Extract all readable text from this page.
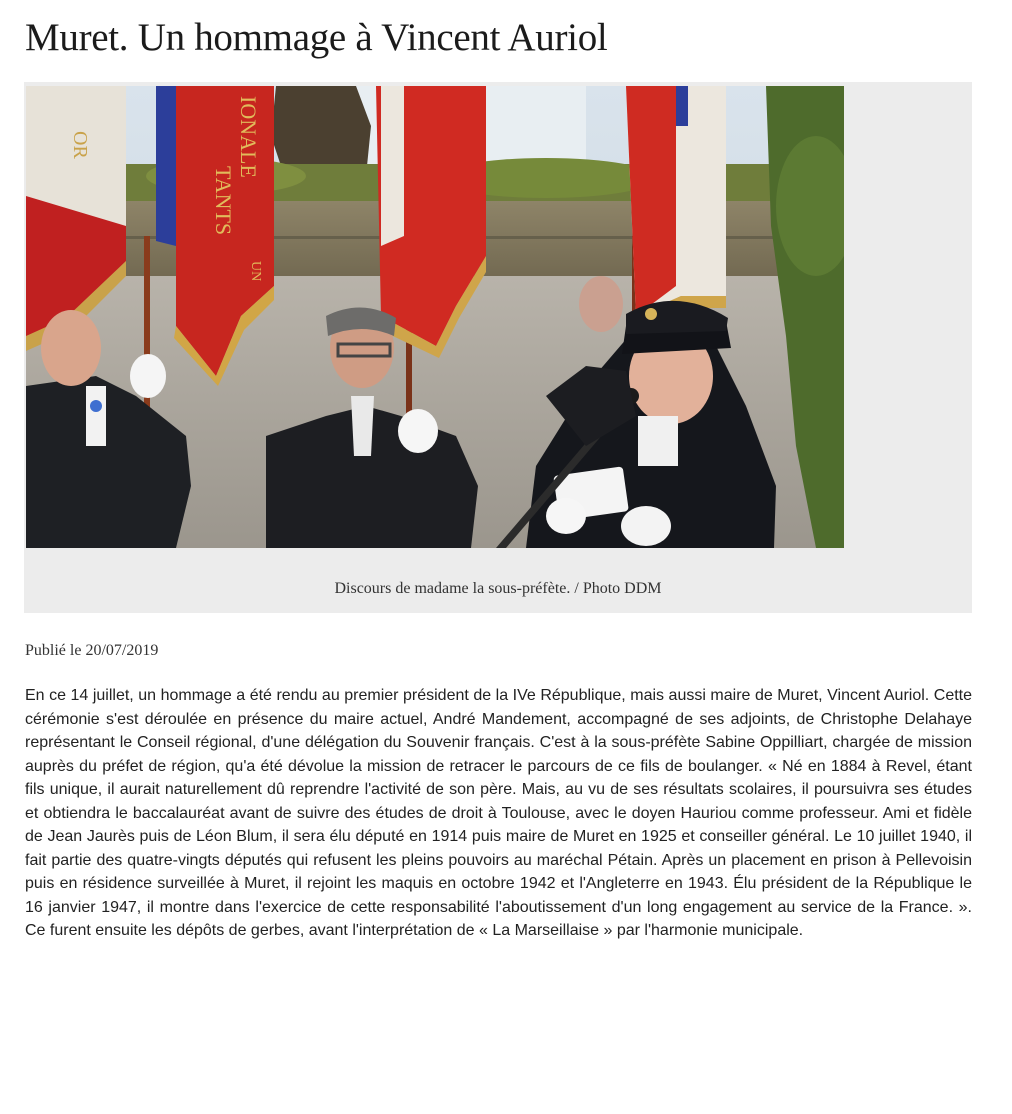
Muret. Un hommage à Vincent Auriol
OR	IONALE
TANTS
UN
Discours de madame la sous-préfète. / Photo DDM
Publié le 20/07/2019

En ce 14 juillet, un hommage a été rendu au premier président de la IVe République, mais aussi maire de Muret, Vincent Auriol. Cette cérémonie s'est déroulée en présence du maire actuel, André Mandement, accompagné de ses adjoints, de Christophe Delahaye représentant le Conseil régional, d'une délégation du Souvenir français. C'est à la sous-préfète Sabine Oppilliart, chargée de mission auprès du préfet de région, qu'a été dévolue la mission de retracer le parcours de ce fils de boulanger. « Né en 1884 à Revel, étant fils unique, il aurait naturellement dû reprendre l'activité de son père. Mais, au vu de ses résultats scolaires, il poursuivra ses études et obtiendra le baccalauréat avant de suivre des études de droit à Toulouse, avec le doyen Hauriou comme professeur. Ami et fidèle de Jean Jaurès puis de Léon Blum, il sera élu député en 1914 puis maire de Muret en 1925 et conseiller général. Le 10 juillet 1940, il fait partie des quatre-vingts députés qui refusent les pleins pouvoirs au maréchal Pétain. Après un placement en prison à Pellevoisin puis en résidence surveillée à Muret, il rejoint les maquis en octobre 1942 et l'Angleterre en 1943. Élu président de la République le 16 janvier 1947, il montre dans l'exercice de cette responsabilité l'aboutissement d'un long engagement au service de la France. ». Ce furent ensuite les dépôts de gerbes, avant l'interprétation de « La Marseillaise » par l'harmonie municipale.
